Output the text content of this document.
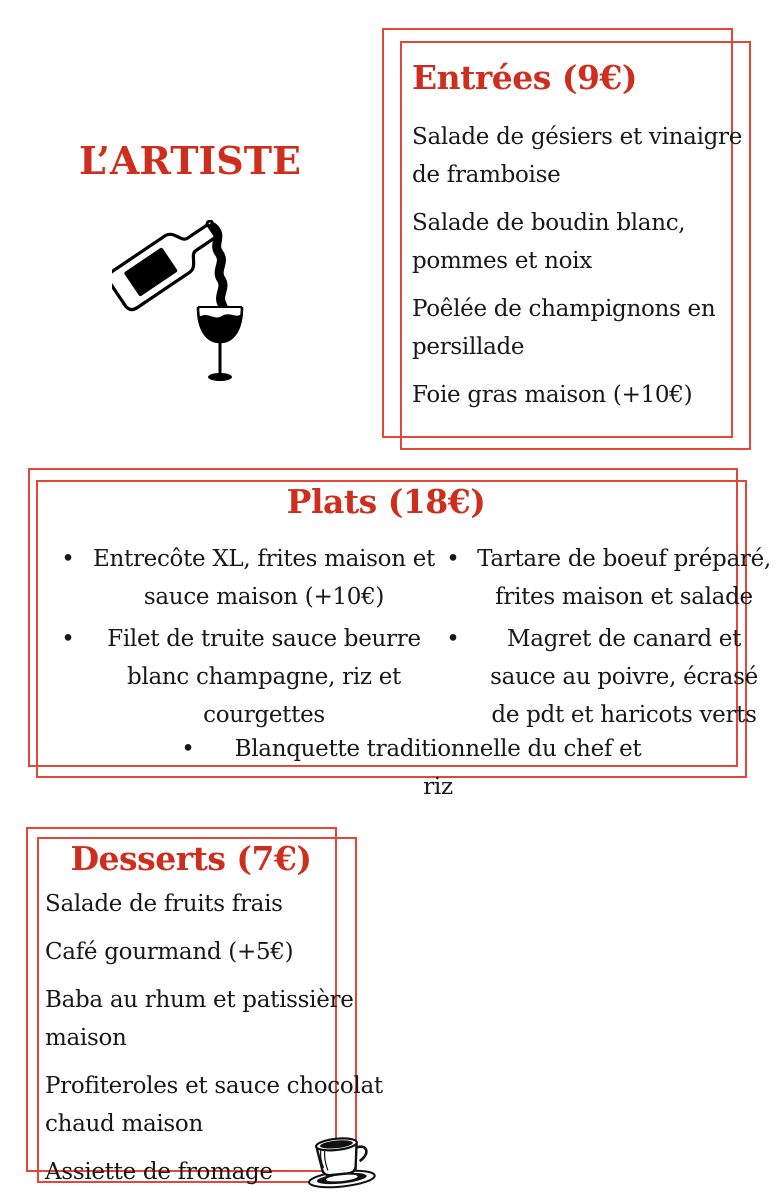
L’ARTISTE
Entrées (9€)

Salade de gésiers et vinaigre de framboise

Salade de boudin blanc, pommes et noix

Poêlée de champignons en persillade

Foie gras maison (+10€)

Plats (18€)
• Entrecôte XL, frites maison et sauce maison (+10€)
•	Filet de truite sauce beurre blanc champagne, riz et courgettes
• Tartare de boeuf préparé, frites maison et salade
•	Magret de canard et sauce au poivre, écrasé de pdt et haricots verts
•	Blanquette traditionnelle du chef et riz
Desserts (7€)

Salade de fruits frais

Café gourmand (+5€)

Baba au rhum et patissière maison

Profiteroles et sauce chocolat chaud maison

Assiette de fromage
